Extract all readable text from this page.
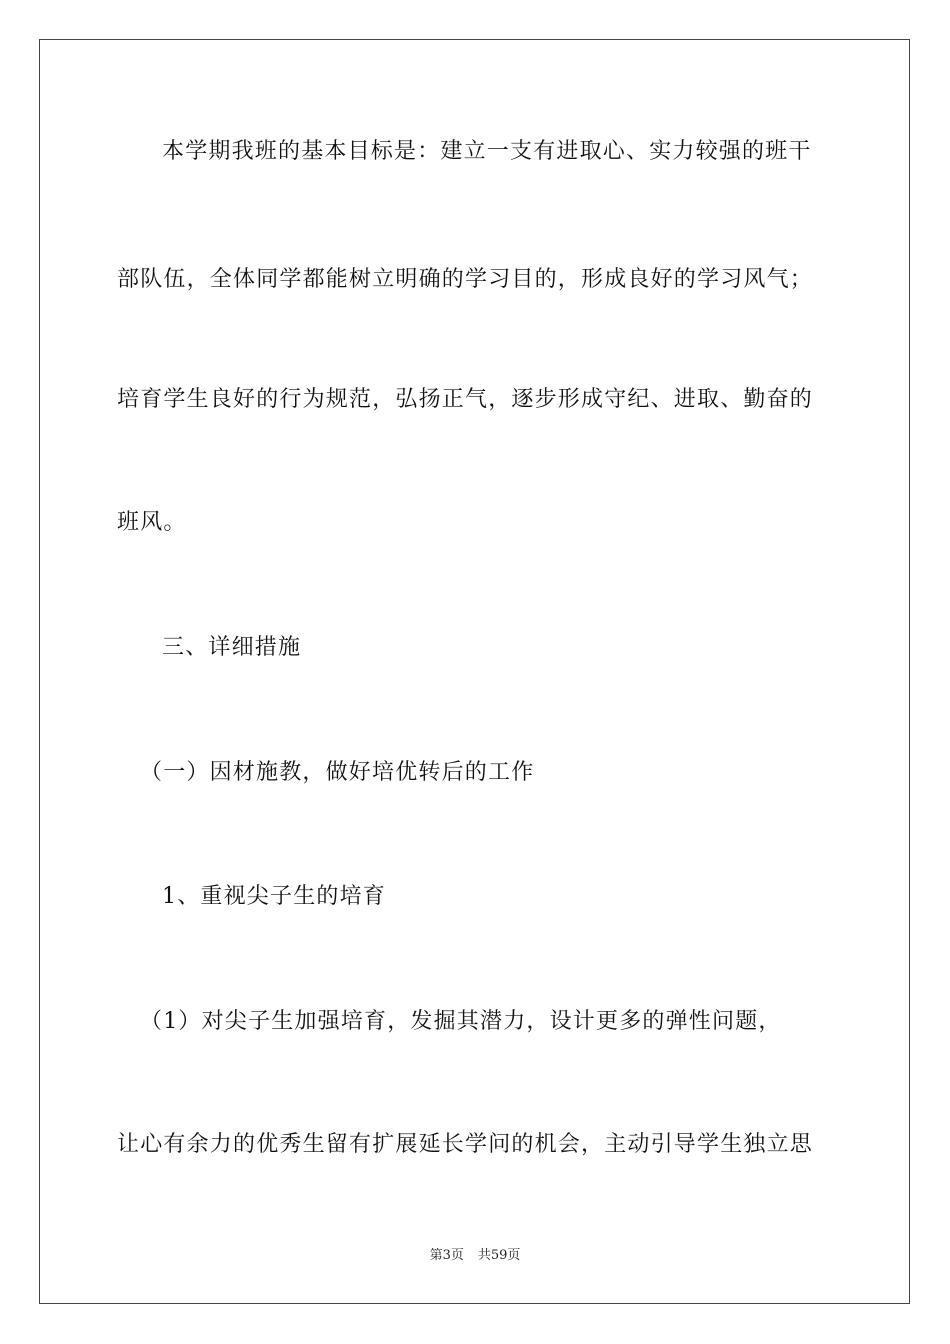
本学期我班的基本目标是：建立一支有进取心、实力较强的班干
部队伍，全体同学都能树立明确的学习目的，形成良好的学习风气；
培育学生良好的行为规范，弘扬正气，逐步形成守纪、进取、勤奋的
班风。
三、详细措施
（一）因材施教，做好培优转后的工作
1、重视尖子生的培育
（1）对尖子生加强培育，发掘其潜力，设计更多的弹性问题，
让心有余力的优秀生留有扩展延长学问的机会，主动引导学生独立思
第3页 共59页
